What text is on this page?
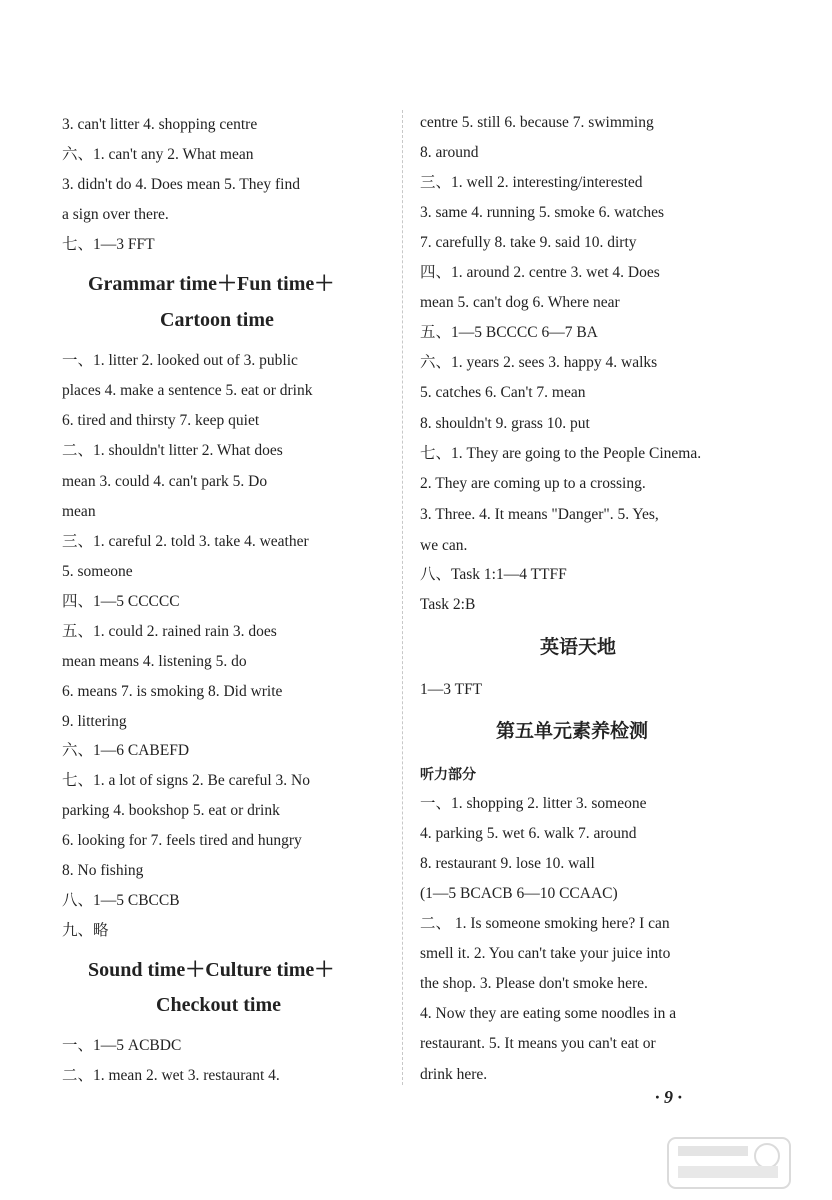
3. can't litter 4. shopping centre
六、1. can't any 2. What mean
3. didn't do 4. Does mean 5. They find
a sign over there.
七、1—3 FFT
Grammar time＋Fun time＋
Cartoon time
一、1. litter 2. looked out of 3. public
places 4. make a sentence 5. eat or drink
6. tired and thirsty 7. keep quiet
二、1. shouldn't litter 2. What does
mean 3. could 4. can't park 5. Do
mean
三、1. careful 2. told 3. take 4. weather
5. someone
四、1—5 CCCCC
五、1. could 2. rained rain 3. does
mean means 4. listening 5. do
6. means 7. is smoking 8. Did write
9. littering
六、1—6 CABEFD
七、1. a lot of signs 2. Be careful 3. No
parking 4. bookshop 5. eat or drink
6. looking for 7. feels tired and hungry
8. No fishing
八、1—5 CBCCB
九、略
Sound time＋Culture time＋
Checkout time
一、1—5 ACBDC
二、1. mean 2. wet 3. restaurant 4.
centre 5. still 6. because 7. swimming
8. around
三、1. well 2. interesting/interested
3. same 4. running 5. smoke 6. watches
7. carefully 8. take 9. said 10. dirty
四、1. around 2. centre 3. wet 4. Does
mean 5. can't dog 6. Where near
五、1—5 BCCCC 6—7 BA
六、1. years 2. sees 3. happy 4. walks
5. catches 6. Can't 7. mean
8. shouldn't 9. grass 10. put
七、1. They are going to the People Cinema.
2. They are coming up to a crossing.
3. Three. 4. It means "Danger". 5. Yes,
we can.
八、Task 1:1—4 TTFF
Task 2:B
英语天地
1—3 TFT
第五单元素养检测
听力部分
一、1. shopping 2. litter 3. someone
4. parking 5. wet 6. walk 7. around
8. restaurant 9. lose 10. wall
(1—5 BCACB 6—10 CCAAC)
二、 1. Is someone smoking here? I can
smell it. 2. You can't take your juice into
the shop. 3. Please don't smoke here.
4. Now they are eating some noodles in a
restaurant. 5. It means you can't eat or
drink here.
· 9 ·
